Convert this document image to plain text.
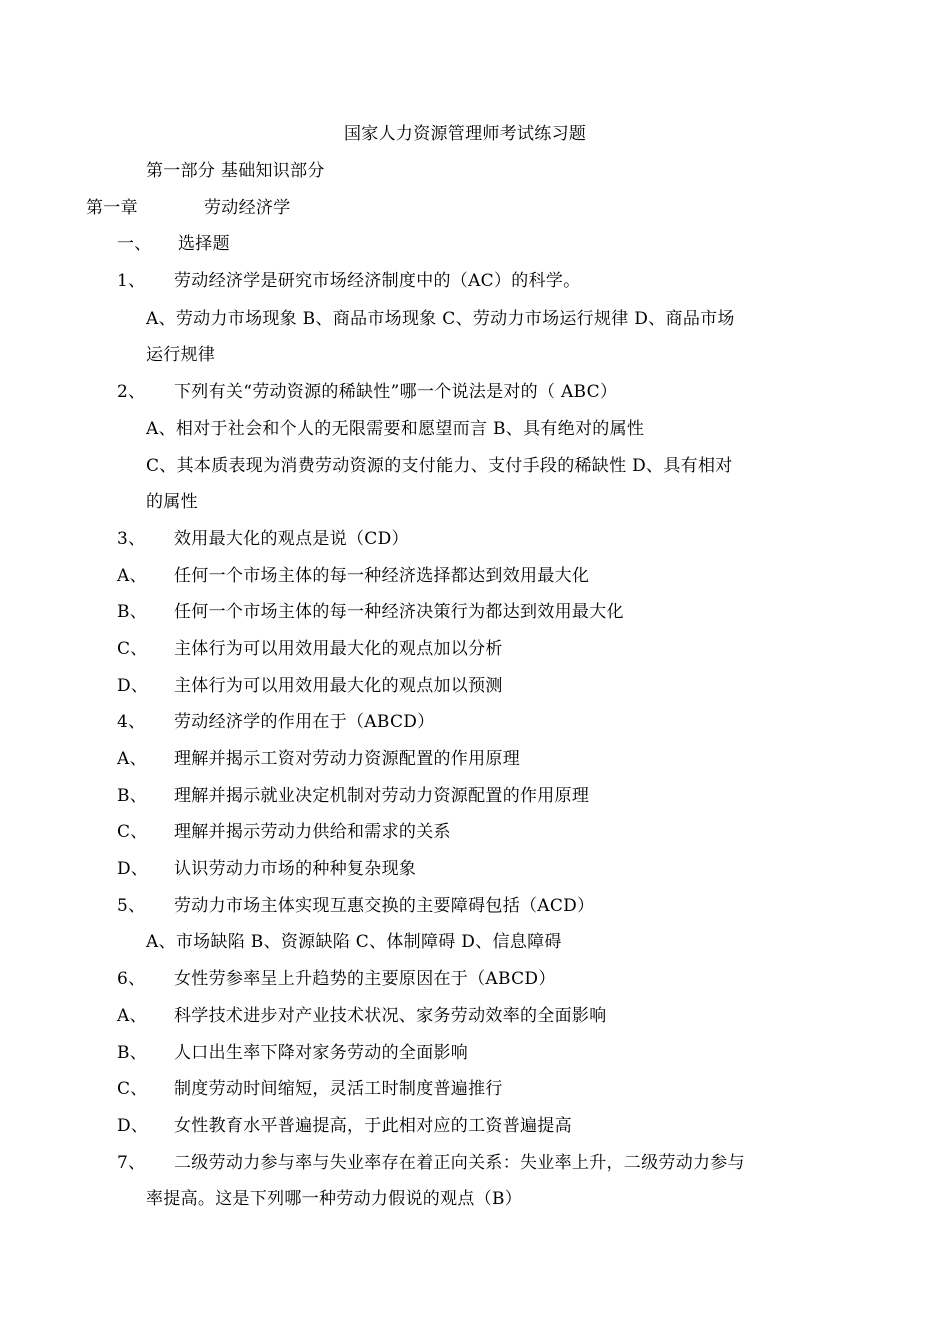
国家人力资源管理师考试练习题
第一部分 基础知识部分
第一章	劳动经济学
一、 选择题
1、 劳动经济学是研究市场经济制度中的（AC）的科学。
A、劳动力市场现象 B、商品市场现象 C、劳动力市场运行规律 D、商品市场
运行规律
2、 下列有关“劳动资源的稀缺性”哪一个说法是对的（ ABC）
A、相对于社会和个人的无限需要和愿望而言 B、具有绝对的属性
C、其本质表现为消费劳动资源的支付能力、支付手段的稀缺性 D、具有相对
的属性
3、 效用最大化的观点是说（CD）
A、 任何一个市场主体的每一种经济选择都达到效用最大化
B、 任何一个市场主体的每一种经济决策行为都达到效用最大化
C、 主体行为可以用效用最大化的观点加以分析
D、 主体行为可以用效用最大化的观点加以预测
4、 劳动经济学的作用在于（ABCD）
A、 理解并揭示工资对劳动力资源配置的作用原理
B、 理解并揭示就业决定机制对劳动力资源配置的作用原理
C、 理解并揭示劳动力供给和需求的关系
D、 认识劳动力市场的种种复杂现象
5、 劳动力市场主体实现互惠交换的主要障碍包括（ACD）
A、市场缺陷 B、资源缺陷 C、体制障碍 D、信息障碍
6、 女性劳参率呈上升趋势的主要原因在于（ABCD）
A、 科学技术进步对产业技术状况、家务劳动效率的全面影响
B、 人口出生率下降对家务劳动的全面影响
C、 制度劳动时间缩短，灵活工时制度普遍推行
D、 女性教育水平普遍提高，于此相对应的工资普遍提高
7、 二级劳动力参与率与失业率存在着正向关系：失业率上升，二级劳动力参与
率提高。这是下列哪一种劳动力假说的观点（B）
